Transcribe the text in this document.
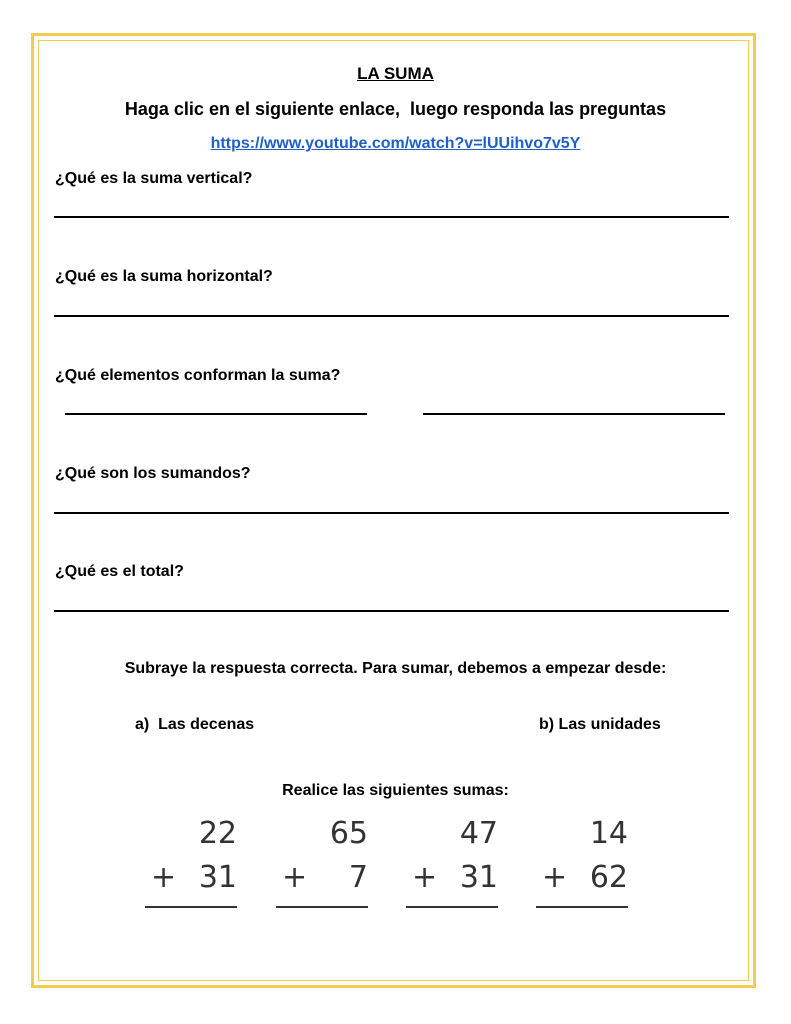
LA SUMA
Haga clic en el siguiente enlace,  luego responda las preguntas
https://www.youtube.com/watch?v=lUUihvo7v5Y
¿Qué es la suma vertical?
¿Qué es la suma horizontal?
¿Qué elementos conforman la suma?
¿Qué son los sumandos?
¿Qué es el total?
Subraye la respuesta correcta. Para sumar, debemos a empezar desde:
a)  Las decenas	b) Las unidades
Realice las siguientes sumas:
22
+ 31
65
+ 7
47
+ 31
14
+ 62
